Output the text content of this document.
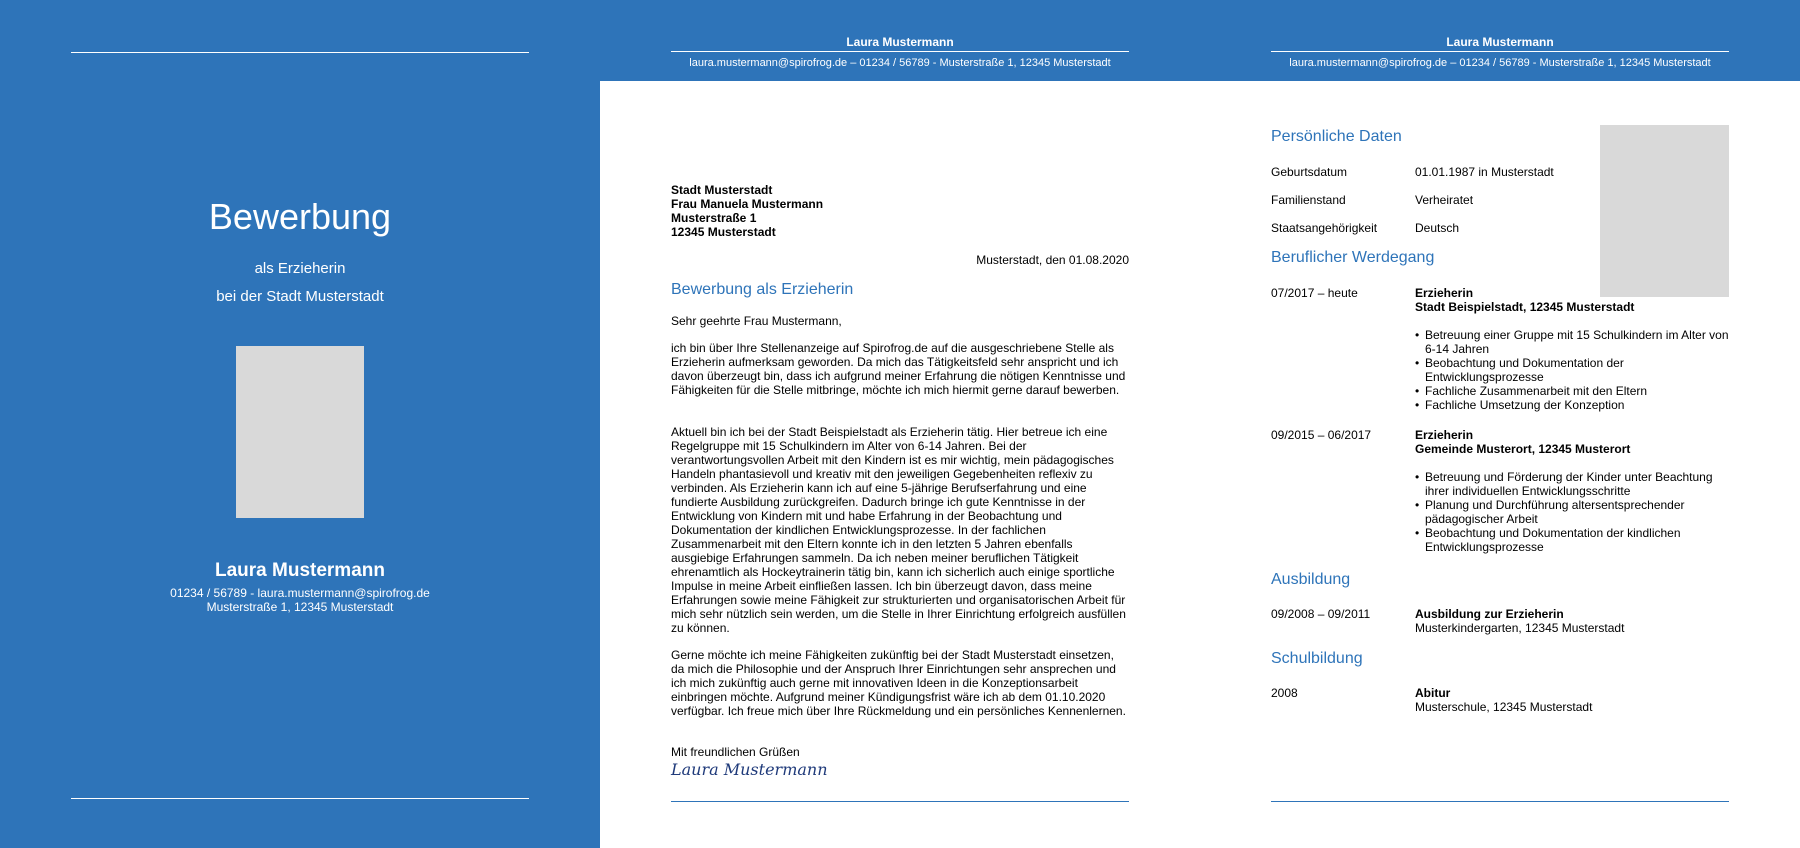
Bewerbung
als Erzieherin
bei der Stadt Musterstadt
Laura Mustermann
01234 / 56789 - laura.mustermann@spirofrog.de
Musterstraße 1, 12345 Musterstadt
Laura Mustermann
laura.mustermann@spirofrog.de – 01234 / 56789 - Musterstraße 1, 12345 Musterstadt
Stadt Musterstadt
Frau Manuela Mustermann
Musterstraße 1
12345 Musterstadt
Musterstadt, den 01.08.2020
Bewerbung als Erzieherin
Sehr geehrte Frau Mustermann,
ich bin über Ihre Stellenanzeige auf Spirofrog.de auf die ausgeschriebene Stelle als Erzieherin aufmerksam geworden. Da mich das Tätigkeitsfeld sehr anspricht und ich davon überzeugt bin, dass ich aufgrund meiner Erfahrung die nötigen Kenntnisse und Fähigkeiten für die Stelle mitbringe, möchte ich mich hiermit gerne darauf bewerben.
Aktuell bin ich bei der Stadt Beispielstadt als Erzieherin tätig. Hier betreue ich eine Regelgruppe mit 15 Schulkindern im Alter von 6-14 Jahren. Bei der verantwortungsvollen Arbeit mit den Kindern ist es mir wichtig, mein pädagogisches Handeln phantasievoll und kreativ mit den jeweiligen Gegebenheiten reflexiv zu verbinden. Als Erzieherin kann ich auf eine 5-jährige Berufserfahrung und eine fundierte Ausbildung zurückgreifen. Dadurch bringe ich gute Kenntnisse in der Entwicklung von Kindern mit und habe Erfahrung in der Beobachtung und Dokumentation der kindlichen Entwicklungsprozesse. In der fachlichen Zusammenarbeit mit den Eltern konnte ich in den letzten 5 Jahren ebenfalls ausgiebige Erfahrungen sammeln. Da ich neben meiner beruflichen Tätigkeit ehrenamtlich als Hockeytrainerin tätig bin, kann ich sicherlich auch einige sportliche Impulse in meine Arbeit einfließen lassen. Ich bin überzeugt davon, dass meine Erfahrungen sowie meine Fähigkeit zur strukturierten und organisatorischen Arbeit für mich sehr nützlich sein werden, um die Stelle in Ihrer Einrichtung erfolgreich ausfüllen zu können.
Gerne möchte ich meine Fähigkeiten zukünftig bei der Stadt Musterstadt einsetzen, da mich die Philosophie und der Anspruch Ihrer Einrichtungen sehr ansprechen und ich mich zukünftig auch gerne mit innovativen Ideen in die Konzeptionsarbeit einbringen möchte. Aufgrund meiner Kündigungsfrist wäre ich ab dem 01.10.2020 verfügbar. Ich freue mich über Ihre Rückmeldung und ein persönliches Kennenlernen.
Mit freundlichen Grüßen
Laura Mustermann
Laura Mustermann
laura.mustermann@spirofrog.de – 01234 / 56789 - Musterstraße 1, 12345 Musterstadt
Persönliche Daten
Geburtsdatum	01.01.1987 in Musterstadt
Familienstand	Verheiratet
Staatsangehörigkeit	Deutsch
Beruflicher Werdegang
07/2017 – heute	Erzieherin
Stadt Beispielstadt, 12345 Musterstadt
• Betreuung einer Gruppe mit 15 Schulkindern im Alter von 6-14 Jahren
• Beobachtung und Dokumentation der Entwicklungsprozesse
• Fachliche Zusammenarbeit mit den Eltern
• Fachliche Umsetzung der Konzeption
09/2015 – 06/2017	Erzieherin
Gemeinde Musterort, 12345 Musterort
• Betreuung und Förderung der Kinder unter Beachtung ihrer individuellen Entwicklungsschritte
• Planung und Durchführung altersentsprechender pädagogischer Arbeit
• Beobachtung und Dokumentation der kindlichen Entwicklungsprozesse
Ausbildung
09/2008 – 09/2011	Ausbildung zur Erzieherin
Musterkindergarten, 12345 Musterstadt
Schulbildung
2008	Abitur
Musterschule, 12345 Musterstadt
